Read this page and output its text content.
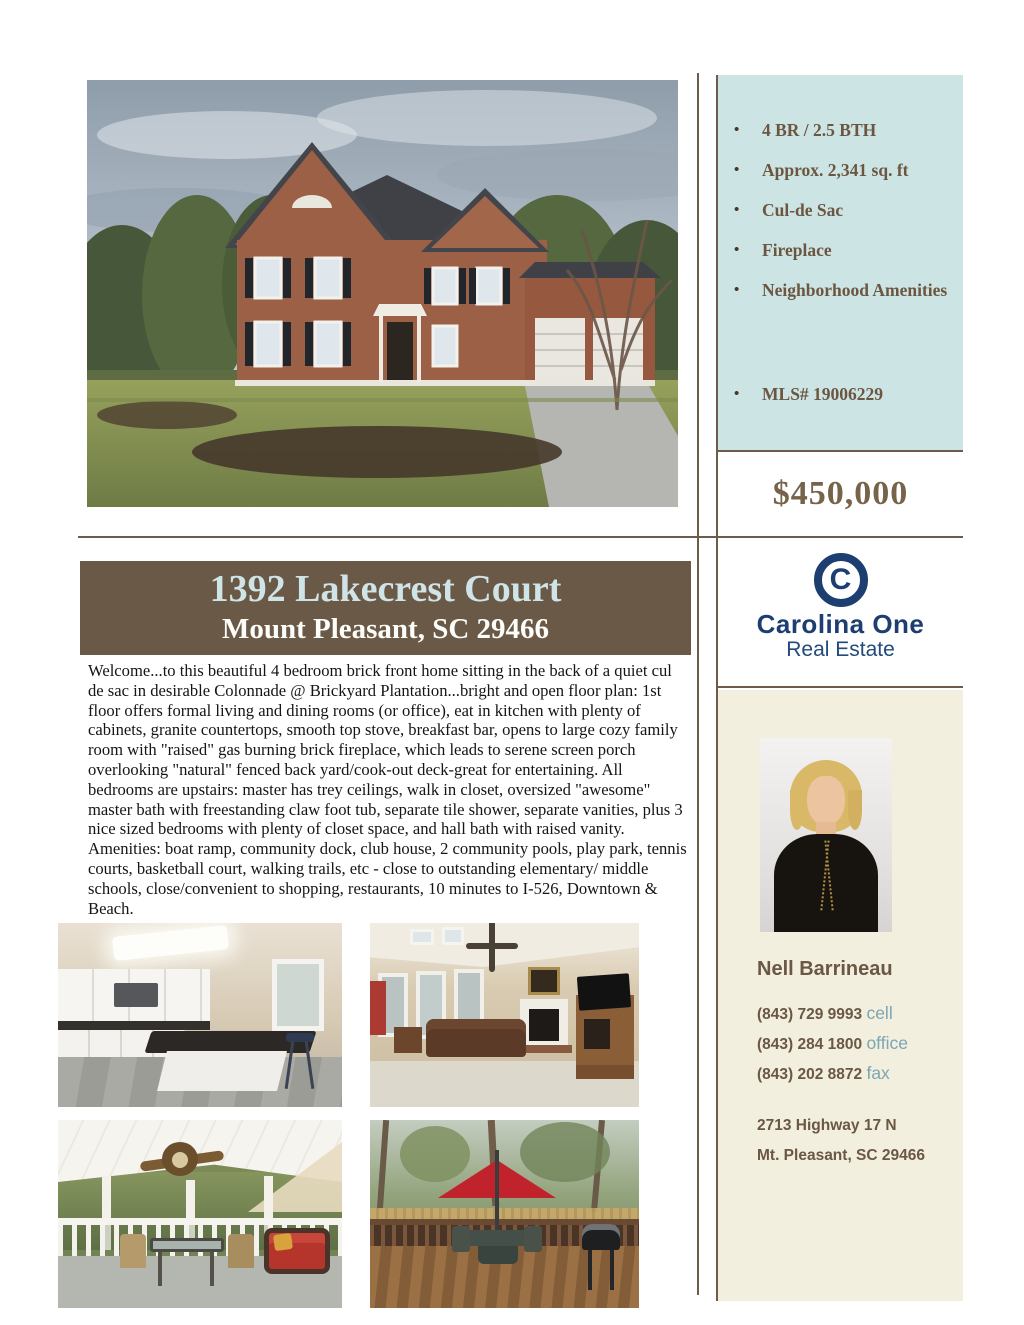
1392 Lakecrest Court
Mount Pleasant, SC 29466
Welcome...to this beautiful 4 bedroom brick front home sitting in the back of a quiet cul de sac in desirable Colonnade @ Brickyard Plantation...bright and open floor plan: 1st floor offers formal living and dining rooms (or office), eat in kitchen with plenty of cabinets, granite countertops, smooth top stove, breakfast bar, opens to large cozy family room with "raised" gas burning brick fireplace, which leads to serene screen porch overlooking "natural" fenced back yard/cook-out deck-great for entertaining. All bedrooms are upstairs: master has trey ceilings, walk in closet, oversized "awesome" master bath with freestanding claw foot tub, separate tile shower, separate vanities, plus 3 nice sized bedrooms with plenty of closet space, and hall bath with raised vanity. Amenities: boat ramp, community dock, club house, 2 community pools, play park, tennis courts, basketball court, walking trails, etc - close to outstanding elementary/ middle schools, close/convenient to shopping, restaurants, 10 minutes to I-526, Downtown & Beach.
•	4 BR / 2.5 BTH
•	Approx. 2,341 sq. ft
•	Cul-de Sac
•	Fireplace
•	Neighborhood Amenities
•	MLS# 19006229
$450,000
C
Carolina One
Real Estate
Nell Barrineau
(843) 729 9993 cell
(843) 284 1800 office
(843) 202 8872 fax
2713 Highway 17 N
Mt. Pleasant, SC 29466
